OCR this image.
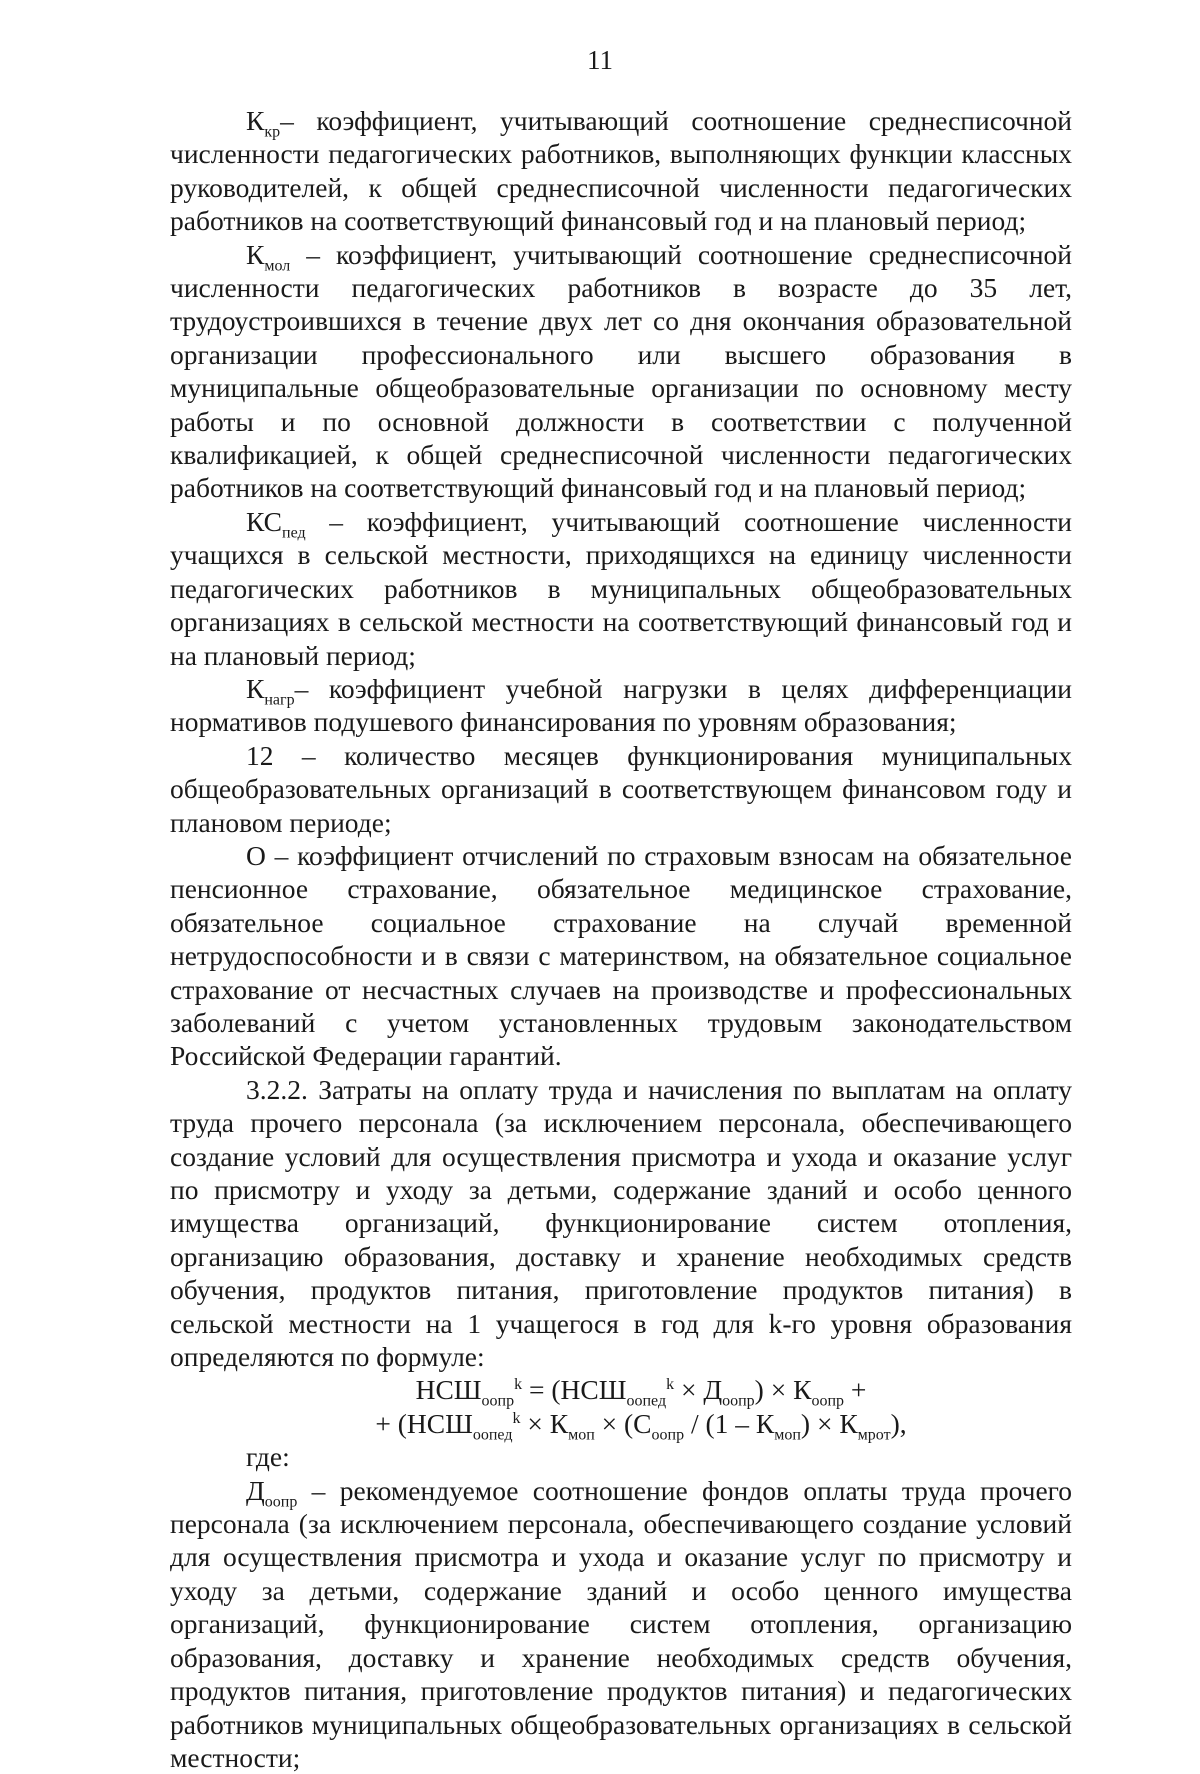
11

$К_{кр}-$ коэффициент, учитывающий соотношение среднесписочной численности педагогических работников, выполняющих функции классных руководителей, к общей среднесписочной численности педагогических работников на соответствующий финансовый год и на плановый период;

$К_{мол}$ – коэффициент, учитывающий соотношение среднесписочной численности педагогических работников в возрасте до 35 лет, трудоустроившихся в течение двух лет со дня окончания образовательной организации профессионального или высшего образования в муниципальные общеобразовательные организации по основному месту работы и по основной должности в соответствии с полученной квалификацией, к общей среднесписочной численности педагогических работников на соответствующий финансовый год и на плановый период;

$КС_{пед}$ – коэффициент, учитывающий соотношение численности учащихся в сельской местности, приходящихся на единицу численности педагогических работников в муниципальных общеобразовательных организациях в сельской местности на соответствующий финансовый год и на плановый период;

$К_{нагр}-$ коэффициент учебной нагрузки в целях дифференциации нормативов подушевого финансирования по уровням образования;

12 – количество месяцев функционирования муниципальных общеобразовательных организаций в соответствующем финансовом году и плановом периоде;

О – коэффициент отчислений по страховым взносам на обязательное пенсионное страхование, обязательное медицинское страхование, обязательное социальное страхование на случай временной нетрудоспособности и в связи с материнством, на обязательное социальное страхование от несчастных случаев на производстве и профессиональных заболеваний с учетом установленных трудовым законодательством Российской Федерации гарантий.

3.2.2. Затраты на оплату труда и начисления по выплатам на оплату труда прочего персонала (за исключением персонала, обеспечивающего создание условий для осуществления присмотра и ухода и оказание услуг по присмотру и уходу за детьми, содержание зданий и особо ценного имущества организаций, функционирование систем отопления, организацию образования, доставку и хранение необходимых средств обучения, продуктов питания, приготовление продуктов питания) в сельской местности на 1 учащегося в год для k-го уровня образования определяются по формуле:

$НСШ_{оопр}^k = (НСШ_{оопед}^k \times Д_{оопр}) \times К_{оопр}$ +
+ ($НСШ_{оопед}^k \times К_{моп} \times (С_{оопр} / (1 - К_{моп}) \times К_{мрот})$,

где:

$Д_{оопр}$ – рекомендуемое соотношение фондов оплаты труда прочего персонала (за исключением персонала, обеспечивающего создание условий для осуществления присмотра и ухода и оказание услуг по присмотру и уходу за детьми, содержание зданий и особо ценного имущества организаций, функционирование систем отопления, организацию образования, доставку и хранение необходимых средств обучения, продуктов питания, приготовление продуктов питания) и педагогических работников муниципальных общеобразовательных организациях в сельской местности;
